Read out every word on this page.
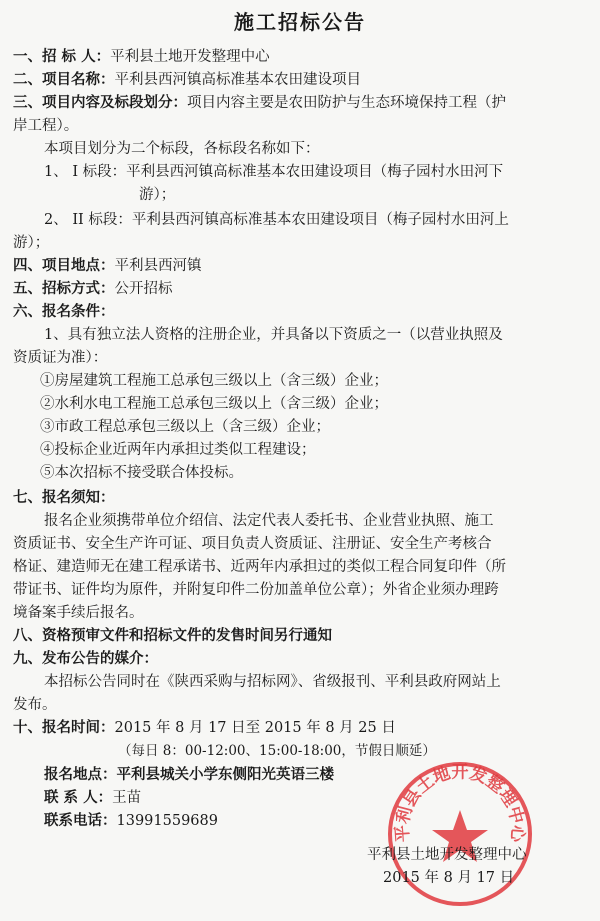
施工招标公告
一、招 标 人：平利县土地开发整理中心
二、项目名称：平利县西河镇高标准基本农田建设项目
三、项目内容及标段划分：项目内容主要是农田防护与生态环境保持工程（护
岸工程）。
本项目划分为二个标段，各标段名称如下：
1、 I 标段：平利县西河镇高标准基本农田建设项目（梅子园村水田河下
游）；
2、 II 标段：平利县西河镇高标准基本农田建设项目（梅子园村水田河上
游）；
四、项目地点：平利县西河镇
五、招标方式：公开招标
六、报名条件：
1、具有独立法人资格的注册企业，并具备以下资质之一（以营业执照及
资质证为准）：
①房屋建筑工程施工总承包三级以上（含三级）企业；
②水利水电工程施工总承包三级以上（含三级）企业；
③市政工程总承包三级以上（含三级）企业；
④投标企业近两年内承担过类似工程建设；
⑤本次招标不接受联合体投标。
七、报名须知：
报名企业须携带单位介绍信、法定代表人委托书、企业营业执照、施工
资质证书、安全生产许可证、项目负责人资质证、注册证、安全生产考核合
格证、建造师无在建工程承诺书、近两年内承担过的类似工程合同复印件（所
带证书、证件均为原件，并附复印件二份加盖单位公章）；外省企业须办理跨
境备案手续后报名。
八、资格预审文件和招标文件的发售时间另行通知
九、发布公告的媒介：
本招标公告同时在《陕西采购与招标网》、省级报刊、平利县政府网站上
发布。
十、报名时间：2015 年 8 月 17 日至 2015 年 8 月 25 日
（每日 8：00-12:00、15:00-18:00，节假日顺延）
报名地点：平利县城关小学东侧阳光英语三楼
联 系 人：王苗
联系电话：13991559689
平利县土地开发整理中心
平利县土地开发整理中心
2015 年 8 月 17 日
